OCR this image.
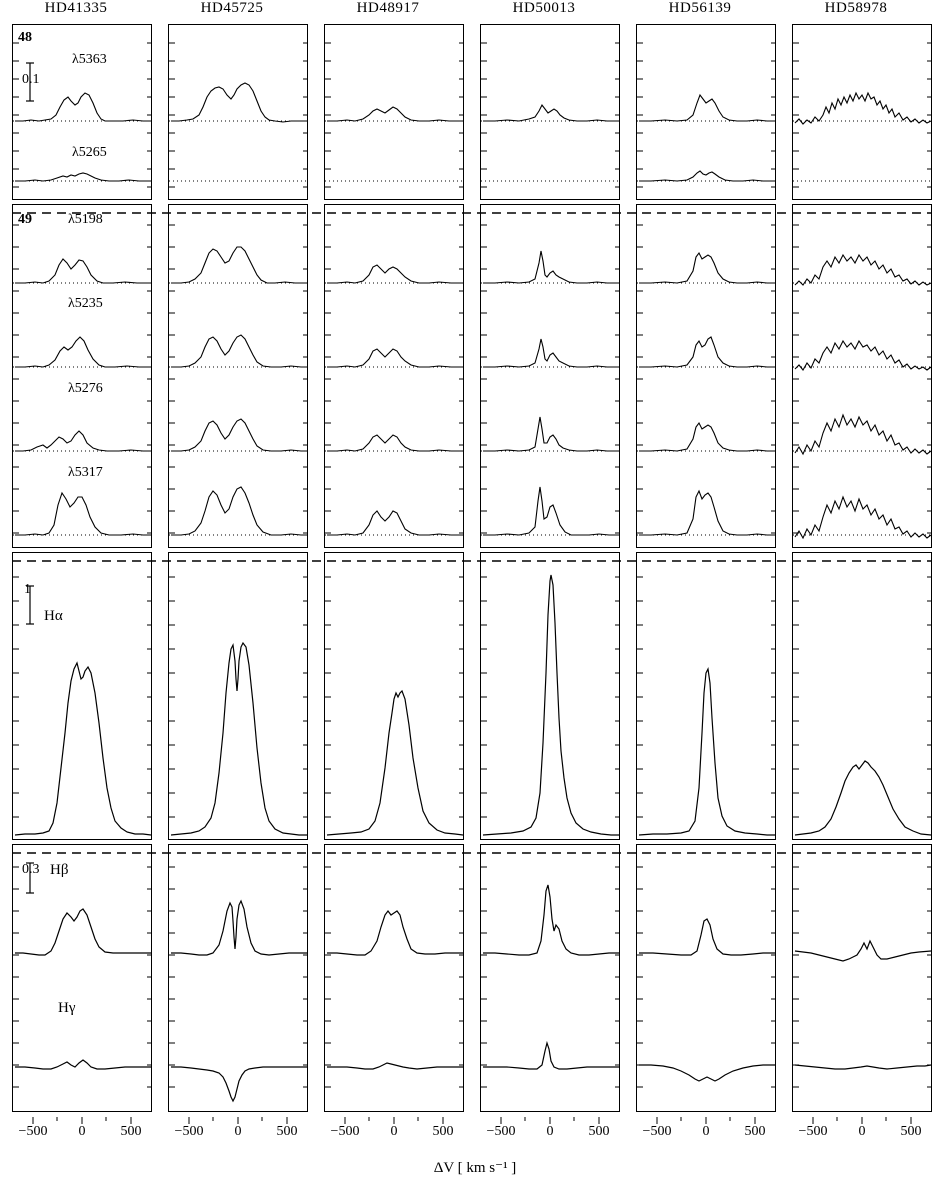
HD41335	HD45725	HD48917	HD50013	HD56139	HD58978
48
0.1
λ5363
λ5265
49	λ5198
λ5235
λ5276
λ5317
1
Hα
0.3 Hβ
Hγ
−500 0	500 −500 0	500 −500 0	500 −500 0	500 −500 0	500 −500 0	500
ΔV [ km s⁻¹ ]
